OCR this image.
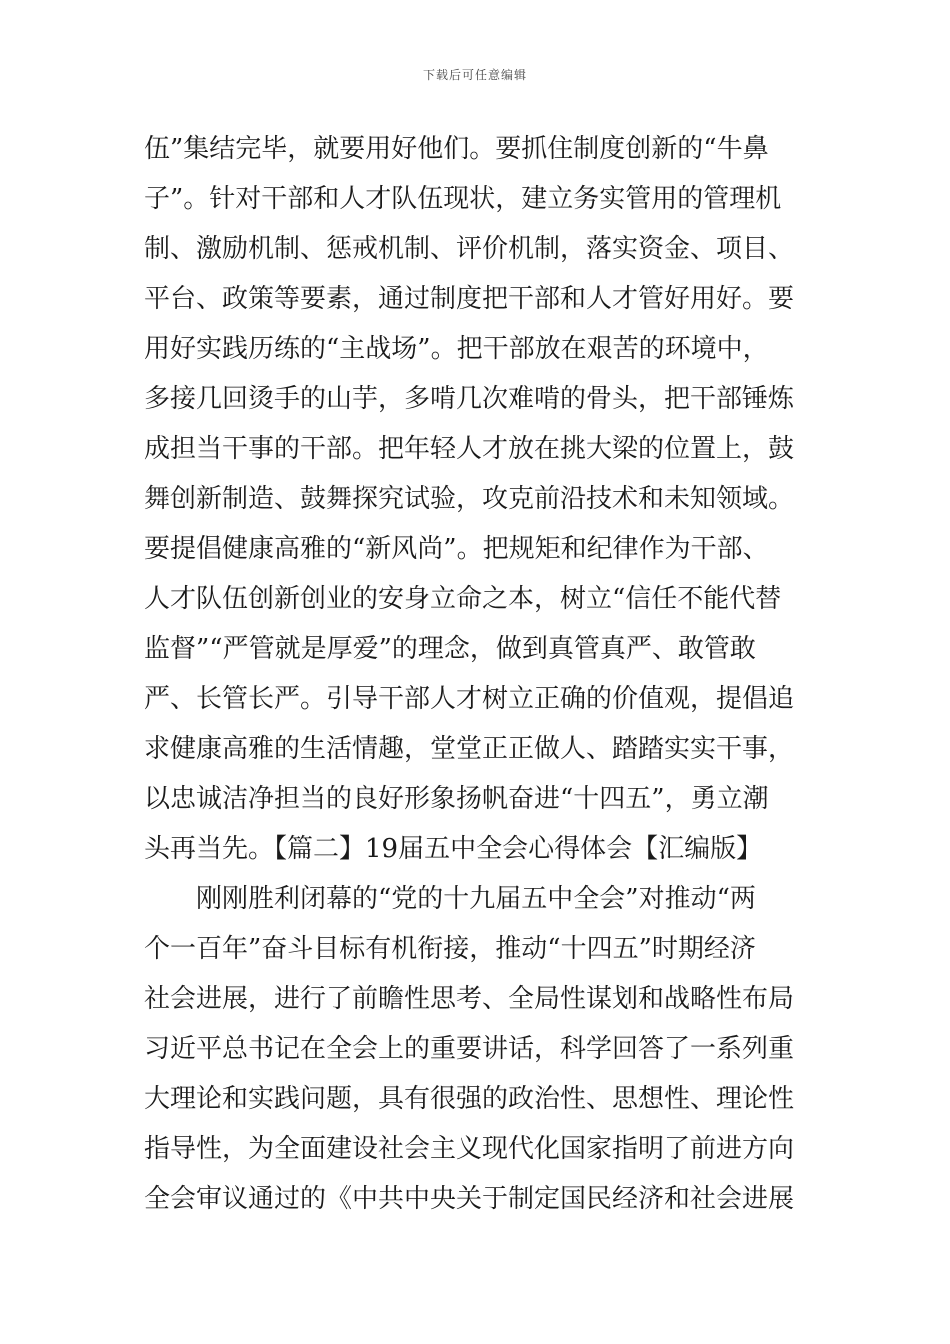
下载后可任意编辑
伍”集结完毕，就要用好他们。要抓住制度创新的“牛鼻
子”。针对干部和人才队伍现状，建立务实管用的管理机
制、激励机制、惩戒机制、评价机制，落实资金、项目、
平台、政策等要素，通过制度把干部和人才管好用好。要
用好实践历练的“主战场”。把干部放在艰苦的环境中，
多接几回烫手的山芋，多啃几次难啃的骨头，把干部锤炼
成担当干事的干部。把年轻人才放在挑大梁的位置上，鼓
舞创新制造、鼓舞探究试验，攻克前沿技术和未知领域。
要提倡健康高雅的“新风尚”。把规矩和纪律作为干部、
人才队伍创新创业的安身立命之本，树立“信任不能代替
监督”“严管就是厚爱”的理念，做到真管真严、敢管敢
严、长管长严。引导干部人才树立正确的价值观，提倡追
求健康高雅的生活情趣，堂堂正正做人、踏踏实实干事，
以忠诚洁净担当的良好形象扬帆奋进“十四五”，勇立潮
头再当先。【篇二】19届五中全会心得体会【汇编版】
　　刚刚胜利闭幕的“党的十九届五中全会”对推动“两
个一百年”奋斗目标有机衔接，推动“十四五”时期经济
社会进展，进行了前瞻性思考、全局性谋划和战略性布局
习近平总书记在全会上的重要讲话，科学回答了一系列重
大理论和实践问题，具有很强的政治性、思想性、理论性
指导性，为全面建设社会主义现代化国家指明了前进方向
全会审议通过的《中共中央关于制定国民经济和社会进展
